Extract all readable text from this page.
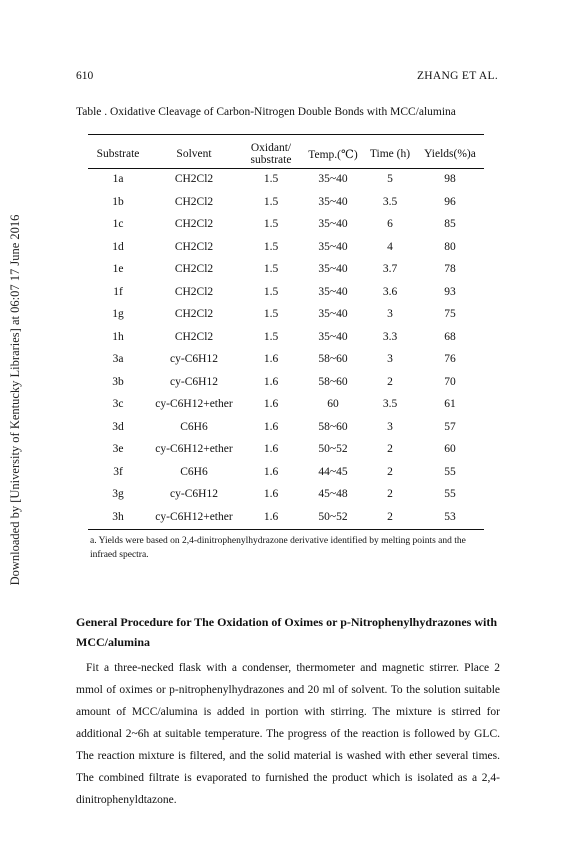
Downloaded by [University of Kentucky Libraries] at 06:07 17 June 2016
610	ZHANG ET AL.
Table . Oxidative Cleavage of Carbon-Nitrogen Double Bonds with MCC/alumina
Substrate	Solvent	Oxidant/ substrate	Temp.(℃)	Time (h)	Yields(%)a
1a	CH2Cl2	1.5	35~40	5	98
1b	CH2Cl2	1.5	35~40	3.5	96
1c	CH2Cl2	1.5	35~40	6	85
1d	CH2Cl2	1.5	35~40	4	80
1e	CH2Cl2	1.5	35~40	3.7	78
1f	CH2Cl2	1.5	35~40	3.6	93
1g	CH2Cl2	1.5	35~40	3	75
1h	CH2Cl2	1.5	35~40	3.3	68
3a	cy-C6H12	1.6	58~60	3	76
3b	cy-C6H12	1.6	58~60	2	70
3c	cy-C6H12+ether	1.6	60	3.5	61
3d	C6H6	1.6	58~60	3	57
3e	cy-C6H12+ether	1.6	50~52	2	60
3f	C6H6	1.6	44~45	2	55
3g	cy-C6H12	1.6	45~48	2	55
3h	cy-C6H12+ether	1.6	50~52	2	53
a. Yields were based on 2,4-dinitrophenylhydrazone derivative identified by melting points and the infraed spectra.
General Procedure for The Oxidation of Oximes or p-Nitrophenylhydrazones with MCC/alumina
Fit a three-necked flask with a condenser, thermometer and magnetic stirrer. Place 2 mmol of oximes or p-nitrophenylhydrazones and 20 ml of solvent. To the solution suitable amount of MCC/alumina is added in portion with stirring. The mixture is stirred for additional 2~6h at suitable temperature. The progress of the reaction is followed by GLC. The reaction mixture is filtered, and the solid material is washed with ether several times. The combined filtrate is evaporated to furnished the product which is isolated as a 2,4-dinitrophenyldtazone.
